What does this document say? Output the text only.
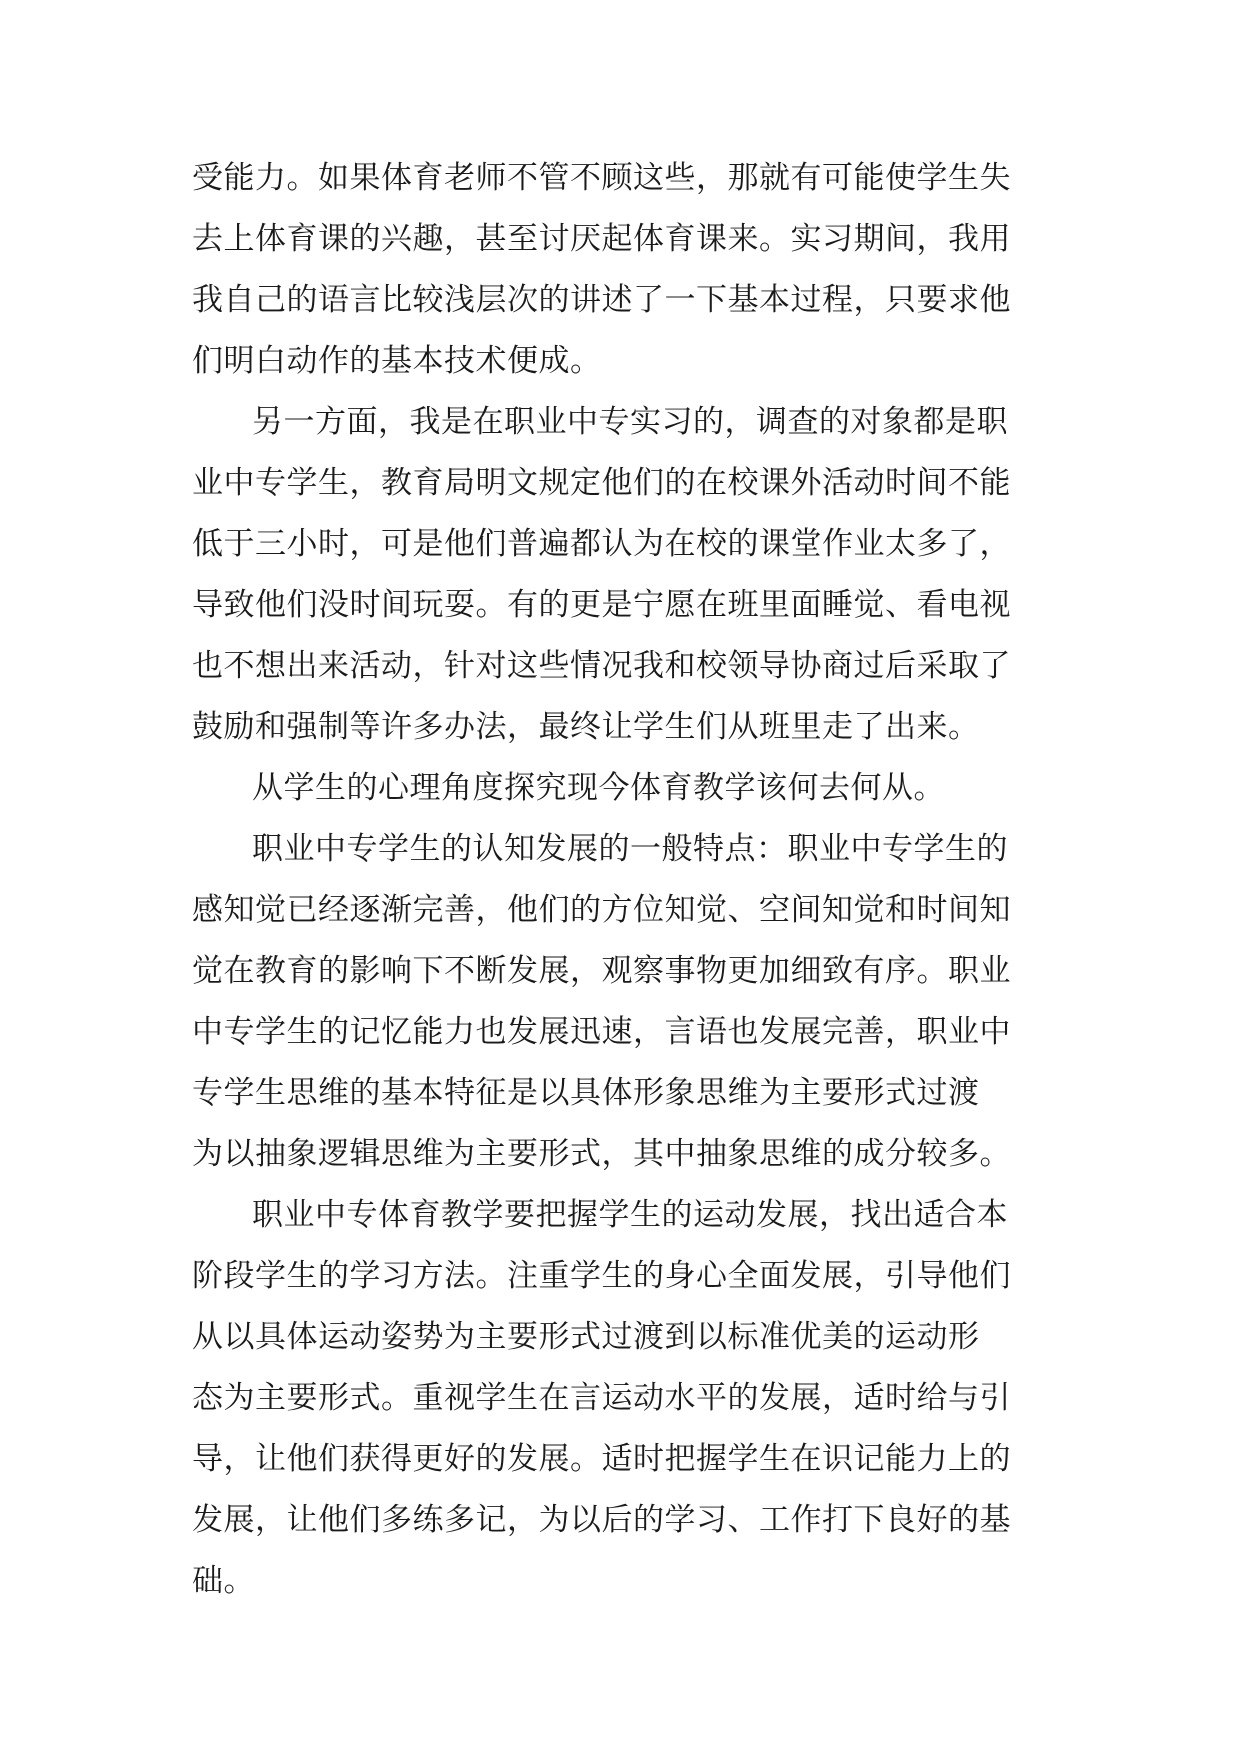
受能力。如果体育老师不管不顾这些，那就有可能使学生失
去上体育课的兴趣，甚至讨厌起体育课来。实习期间，我用
我自己的语言比较浅层次的讲述了一下基本过程，只要求他
们明白动作的基本技术便成。
另一方面，我是在职业中专实习的，调查的对象都是职
业中专学生，教育局明文规定他们的在校课外活动时间不能
低于三小时，可是他们普遍都认为在校的课堂作业太多了，
导致他们没时间玩耍。有的更是宁愿在班里面睡觉、看电视
也不想出来活动，针对这些情况我和校领导协商过后采取了
鼓励和强制等许多办法，最终让学生们从班里走了出来。
从学生的心理角度探究现今体育教学该何去何从。
职业中专学生的认知发展的一般特点：职业中专学生的
感知觉已经逐渐完善，他们的方位知觉、空间知觉和时间知
觉在教育的影响下不断发展，观察事物更加细致有序。职业
中专学生的记忆能力也发展迅速，言语也发展完善，职业中
专学生思维的基本特征是以具体形象思维为主要形式过渡
为以抽象逻辑思维为主要形式，其中抽象思维的成分较多。
职业中专体育教学要把握学生的运动发展，找出适合本
阶段学生的学习方法。注重学生的身心全面发展，引导他们
从以具体运动姿势为主要形式过渡到以标准优美的运动形
态为主要形式。重视学生在言运动水平的发展，适时给与引
导，让他们获得更好的发展。适时把握学生在识记能力上的
发展，让他们多练多记，为以后的学习、工作打下良好的基
础。
